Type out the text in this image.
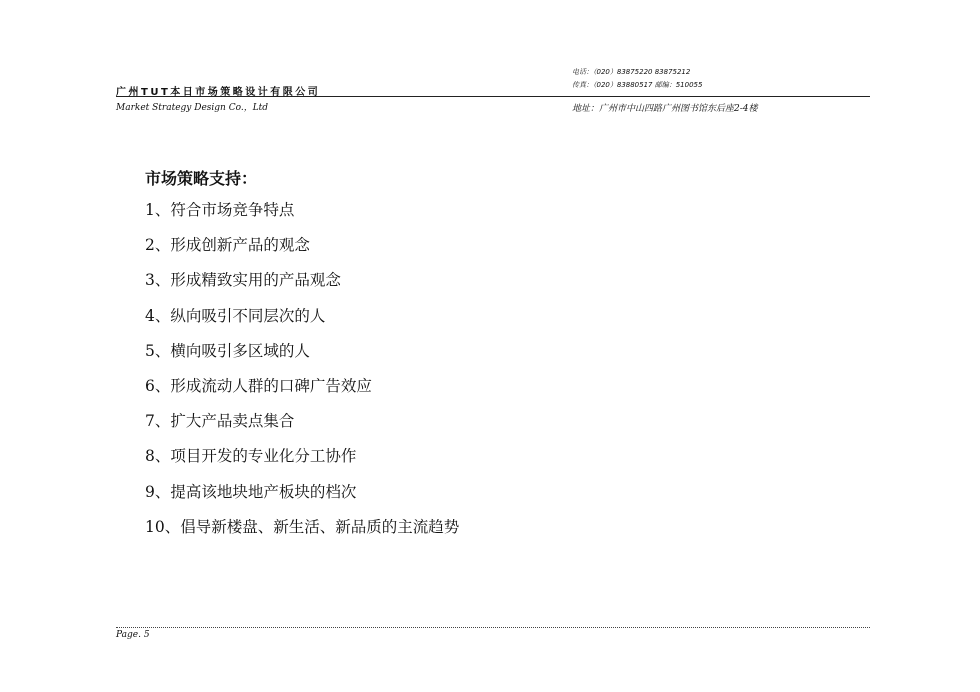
电话：（020）83875220 83875212
传真：（020）83880517 邮编：510055
广州TUT本日市场策略设计有限公司
Market Strategy Design Co.，Ltd	地址：广州市中山四路广州图书馆东后座2-4楼
市场策略支持：
1、符合市场竞争特点
2、形成创新产品的观念
3、形成精致实用的产品观念
4、纵向吸引不同层次的人
5、横向吸引多区域的人
6、形成流动人群的口碑广告效应
7、扩大产品卖点集合
8、项目开发的专业化分工协作
9、提高该地块地产板块的档次
10、倡导新楼盘、新生活、新品质的主流趋势
Page. 5
